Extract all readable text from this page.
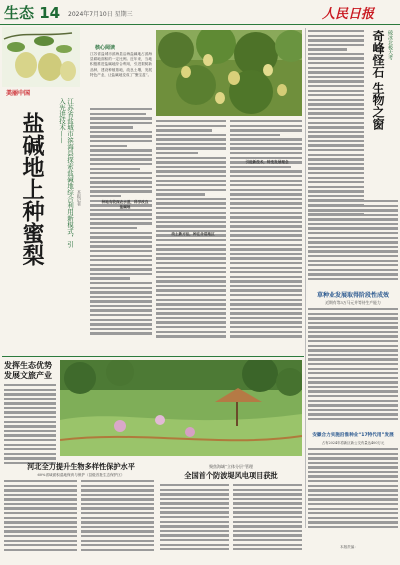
生态 14 2024年7月10日 星期三	人民日报
美丽中国
江苏省盐城市滨海县探索盐碱地综合利用新模式，引入先进技术——
盐碱地上种蜜梨	本报记者
核心阅读
江苏省盐城市滨海县沿海盐碱地占滨海县耕地面积的一定比例。近年来，当地积极推进盐碱地综合利用，引进梨树新品种，建设种植基地，改良土壤，发展特色产业，让盐碱地变成了“聚宝盆”。
种地有较深农水道，科学改良盐碱地
改土新方法，种在合适地区
引进新技术，转变发展理念
奇峰怪石 生物之窗 破冰北极大考
草种业发展取得阶段性成效
近期有等3万马元并等待生产能力
安徽合力实施沿淮种业“17特代用”发展
占有2024年将新区新公交有量达400万元
本版责编：
发挥生态优势 发展文旅产业
河北全力提升生物多样性保护水平
60%省域面积湿地保育与保护（县级首批生态保护区）
聚焦海域“立体分层”管理
全国首个防波堤风电项目获批
